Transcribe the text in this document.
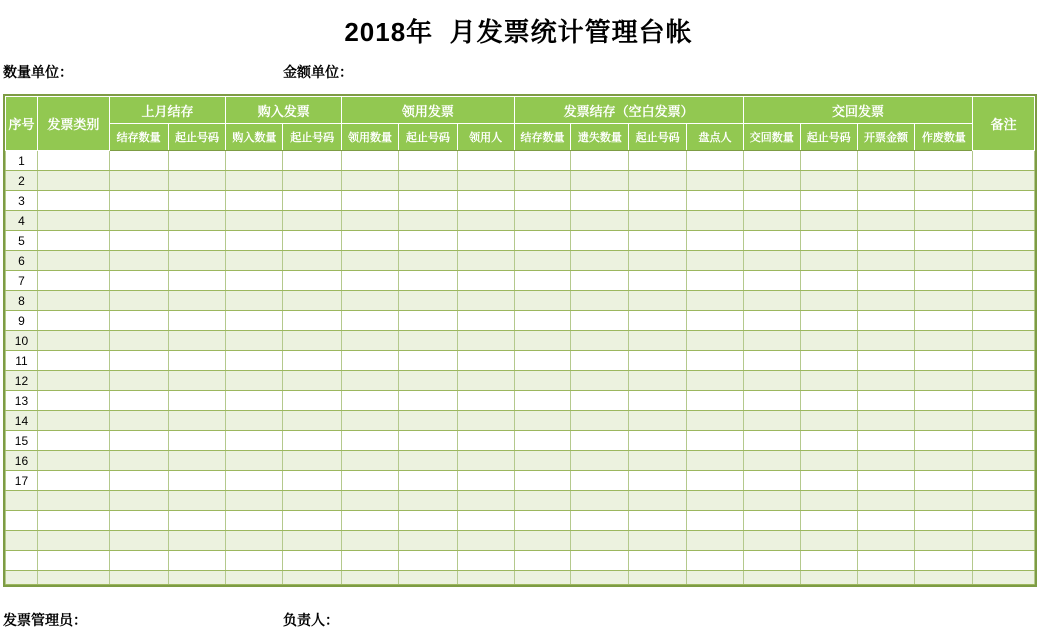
2018年  月发票统计管理台帐
数量单位：	金额单位：
序号	发票类别	上月结存		购入发票		领用发票			发票结存（空白发票）				交回发票				备注
		结存数量	起止号码	购入数量	起止号码	领用数量	起止号码	领用人	结存数量	遗失数量	起止号码	盘点人	交回数量	起止号码	开票金额	作废数量	
1																	
2																	
3																	
4																	
5																	
6																	
7																	
8																	
9																	
10																	
11																	
12																	
13																	
14																	
15																	
16																	
17																	

发票管理员：	负责人：
